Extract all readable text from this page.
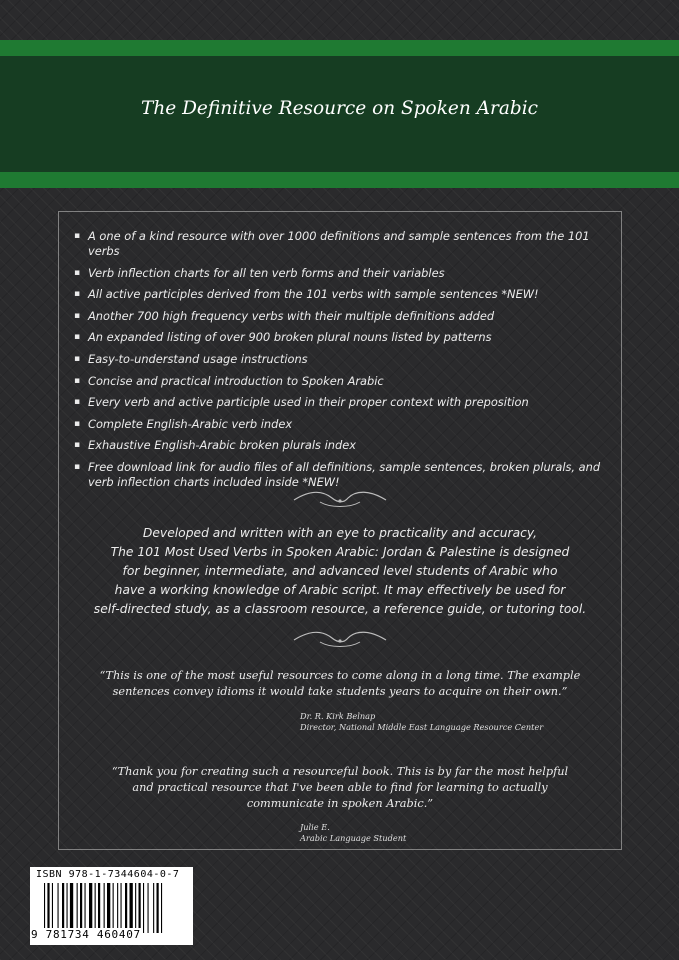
The Definitive Resource on Spoken Arabic
▪ A one of a kind resource with over 1000 definitions and sample sentences from the 101 verbs
▪ Verb inflection charts for all ten verb forms and their variables
▪ All active participles derived from the 101 verbs with sample sentences *NEW!
▪ Another 700 high frequency verbs with their multiple definitions added
▪ An expanded listing of over 900 broken plural nouns listed by patterns
▪ Easy-to-understand usage instructions
▪ Concise and practical introduction to Spoken Arabic
▪ Every verb and active participle used in their proper context with preposition
▪ Complete English-Arabic verb index
▪ Exhaustive English-Arabic broken plurals index
▪ Free download link for audio files of all definitions, sample sentences, broken plurals, and verb inflection charts included inside *NEW!
Developed and written with an eye to practicality and accuracy,
The 101 Most Used Verbs in Spoken Arabic: Jordan & Palestine is designed
for beginner, intermediate, and advanced level students of Arabic who
have a working knowledge of Arabic script. It may effectively be used for
self-directed study, as a classroom resource, a reference guide, or tutoring tool.
“This is one of the most useful resources to come along in a long time. The example
sentences convey idioms it would take students years to acquire on their own.”
Dr. R. Kirk Belnap
Director, National Middle East Language Resource Center
“Thank you for creating such a resourceful book. This is by far the most helpful
and practical resource that I've been able to find for learning to actually
communicate in spoken Arabic.”
Julie E.
Arabic Language Student
ISBN 978-1-7344604-0-7
9 781734 460407
